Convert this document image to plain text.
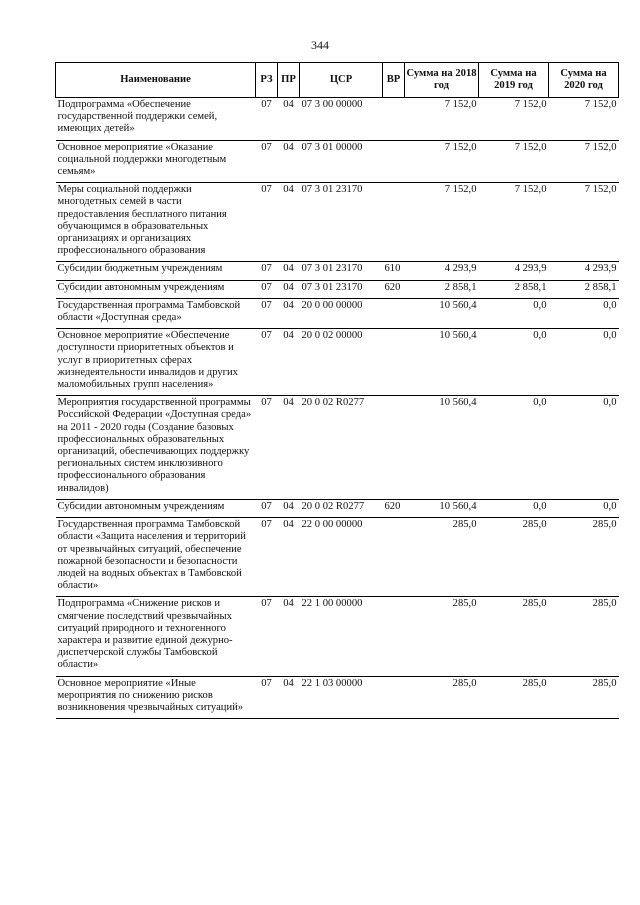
344
Наименование	РЗ	ПР	ЦСР	ВР	Сумма на 2018 год	Сумма на 2019 год	Сумма на 2020 год
Подпрограмма «Обеспечение государственной поддержки семей, имеющих детей»	07	04	07 3 00 00000		7 152,0	7 152,0	7 152,0
Основное мероприятие «Оказание социальной поддержки многодетным семьям»	07	04	07 3 01 00000		7 152,0	7 152,0	7 152,0
Меры социальной поддержки многодетных семей в части предоставления бесплатного питания обучающимся в образовательных организациях и организациях профессионального образования	07	04	07 3 01 23170		7 152,0	7 152,0	7 152,0
Субсидии бюджетным учреждениям	07	04	07 3 01 23170	610	4 293,9	4 293,9	4 293,9
Субсидии автономным учреждениям	07	04	07 3 01 23170	620	2 858,1	2 858,1	2 858,1
Государственная программа Тамбовской области «Доступная среда»	07	04	20 0 00 00000		10 560,4	0,0	0,0
Основное мероприятие «Обеспечение доступности приоритетных объектов и услуг в приоритетных сферах жизнедеятельности инвалидов и других маломобильных групп населения»	07	04	20 0 02 00000		10 560,4	0,0	0,0
Мероприятия государственной программы Российской Федерации «Доступная среда» на 2011 - 2020 годы (Создание базовых профессиональных образовательных организаций, обеспечивающих поддержку региональных систем инклюзивного профессионального образования инвалидов)	07	04	20 0 02 R0277		10 560,4	0,0	0,0
Субсидии автономным учреждениям	07	04	20 0 02 R0277	620	10 560,4	0,0	0,0
Государственная программа Тамбовской области «Защита населения и территорий от чрезвычайных ситуаций, обеспечение пожарной безопасности и безопасности людей на водных объектах в Тамбовской области»	07	04	22 0 00 00000		285,0	285,0	285,0
Подпрограмма «Снижение рисков и смягчение последствий чрезвычайных ситуаций природного и техногенного характера и развитие единой дежурно-диспетчерской службы Тамбовской области»	07	04	22 1 00 00000		285,0	285,0	285,0
Основное мероприятие «Иные мероприятия по снижению рисков возникновения чрезвычайных ситуаций»	07	04	22 1 03 00000		285,0	285,0	285,0
